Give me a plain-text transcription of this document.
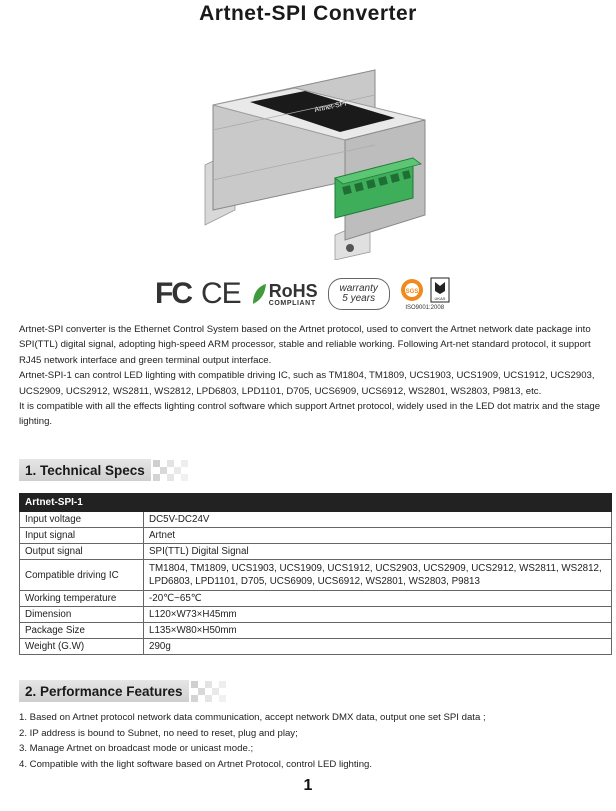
Artnet-SPI Converter
Artnet-SPI
FC CE RoHS
COMPLIANT
warranty
5 years
SGS
UKAS
ISO9001:2008

Artnet-SPI converter is the Ethernet Control System based on the Artnet protocol, used to convert the Artnet network date package into SPI(TTL) digital signal, adopting high-speed ARM processor, stable and reliable working. Following Art-net standard protocol, it support RJ45 network interface and green terminal output interface.

Artnet-SPI-1 can control LED lighting with compatible driving IC, such as TM1804, TM1809, UCS1903, UCS1909, UCS1912, UCS2903, UCS2909, UCS2912, WS2811, WS2812, LPD6803, LPD1101, D705, UCS6909, UCS6912, WS2801, WS2803, P9813, etc.

It is compatible with all the effects lighting control software which support Artnet protocol, widely used in the LED dot matrix and the stage lighting.

1. Technical Specs
Artnet-SPI-1	
Input voltage	DC5V-DC24V
Input signal	Artnet
Output signal	SPI(TTL) Digital Signal
Compatible driving IC	TM1804, TM1809, UCS1903, UCS1909, UCS1912, UCS2903, UCS2909, UCS2912, WS2811, WS2812, LPD6803, LPD1101, D705, UCS6909, UCS6912, WS2801, WS2803, P9813
Working temperature	-20℃~65℃
Dimension	L120×W73×H45mm
Package Size	L135×W80×H50mm
Weight (G.W)	290g
2. Performance Features
1. Based on Artnet protocol network data communication, accept network DMX data, output one set SPI data ;
2. IP address is bound to Subnet, no need to reset, plug and play;
3. Manage Artnet on broadcast mode or unicast mode.;
4. Compatible with the light software based on Artnet Protocol, control LED lighting.
1
